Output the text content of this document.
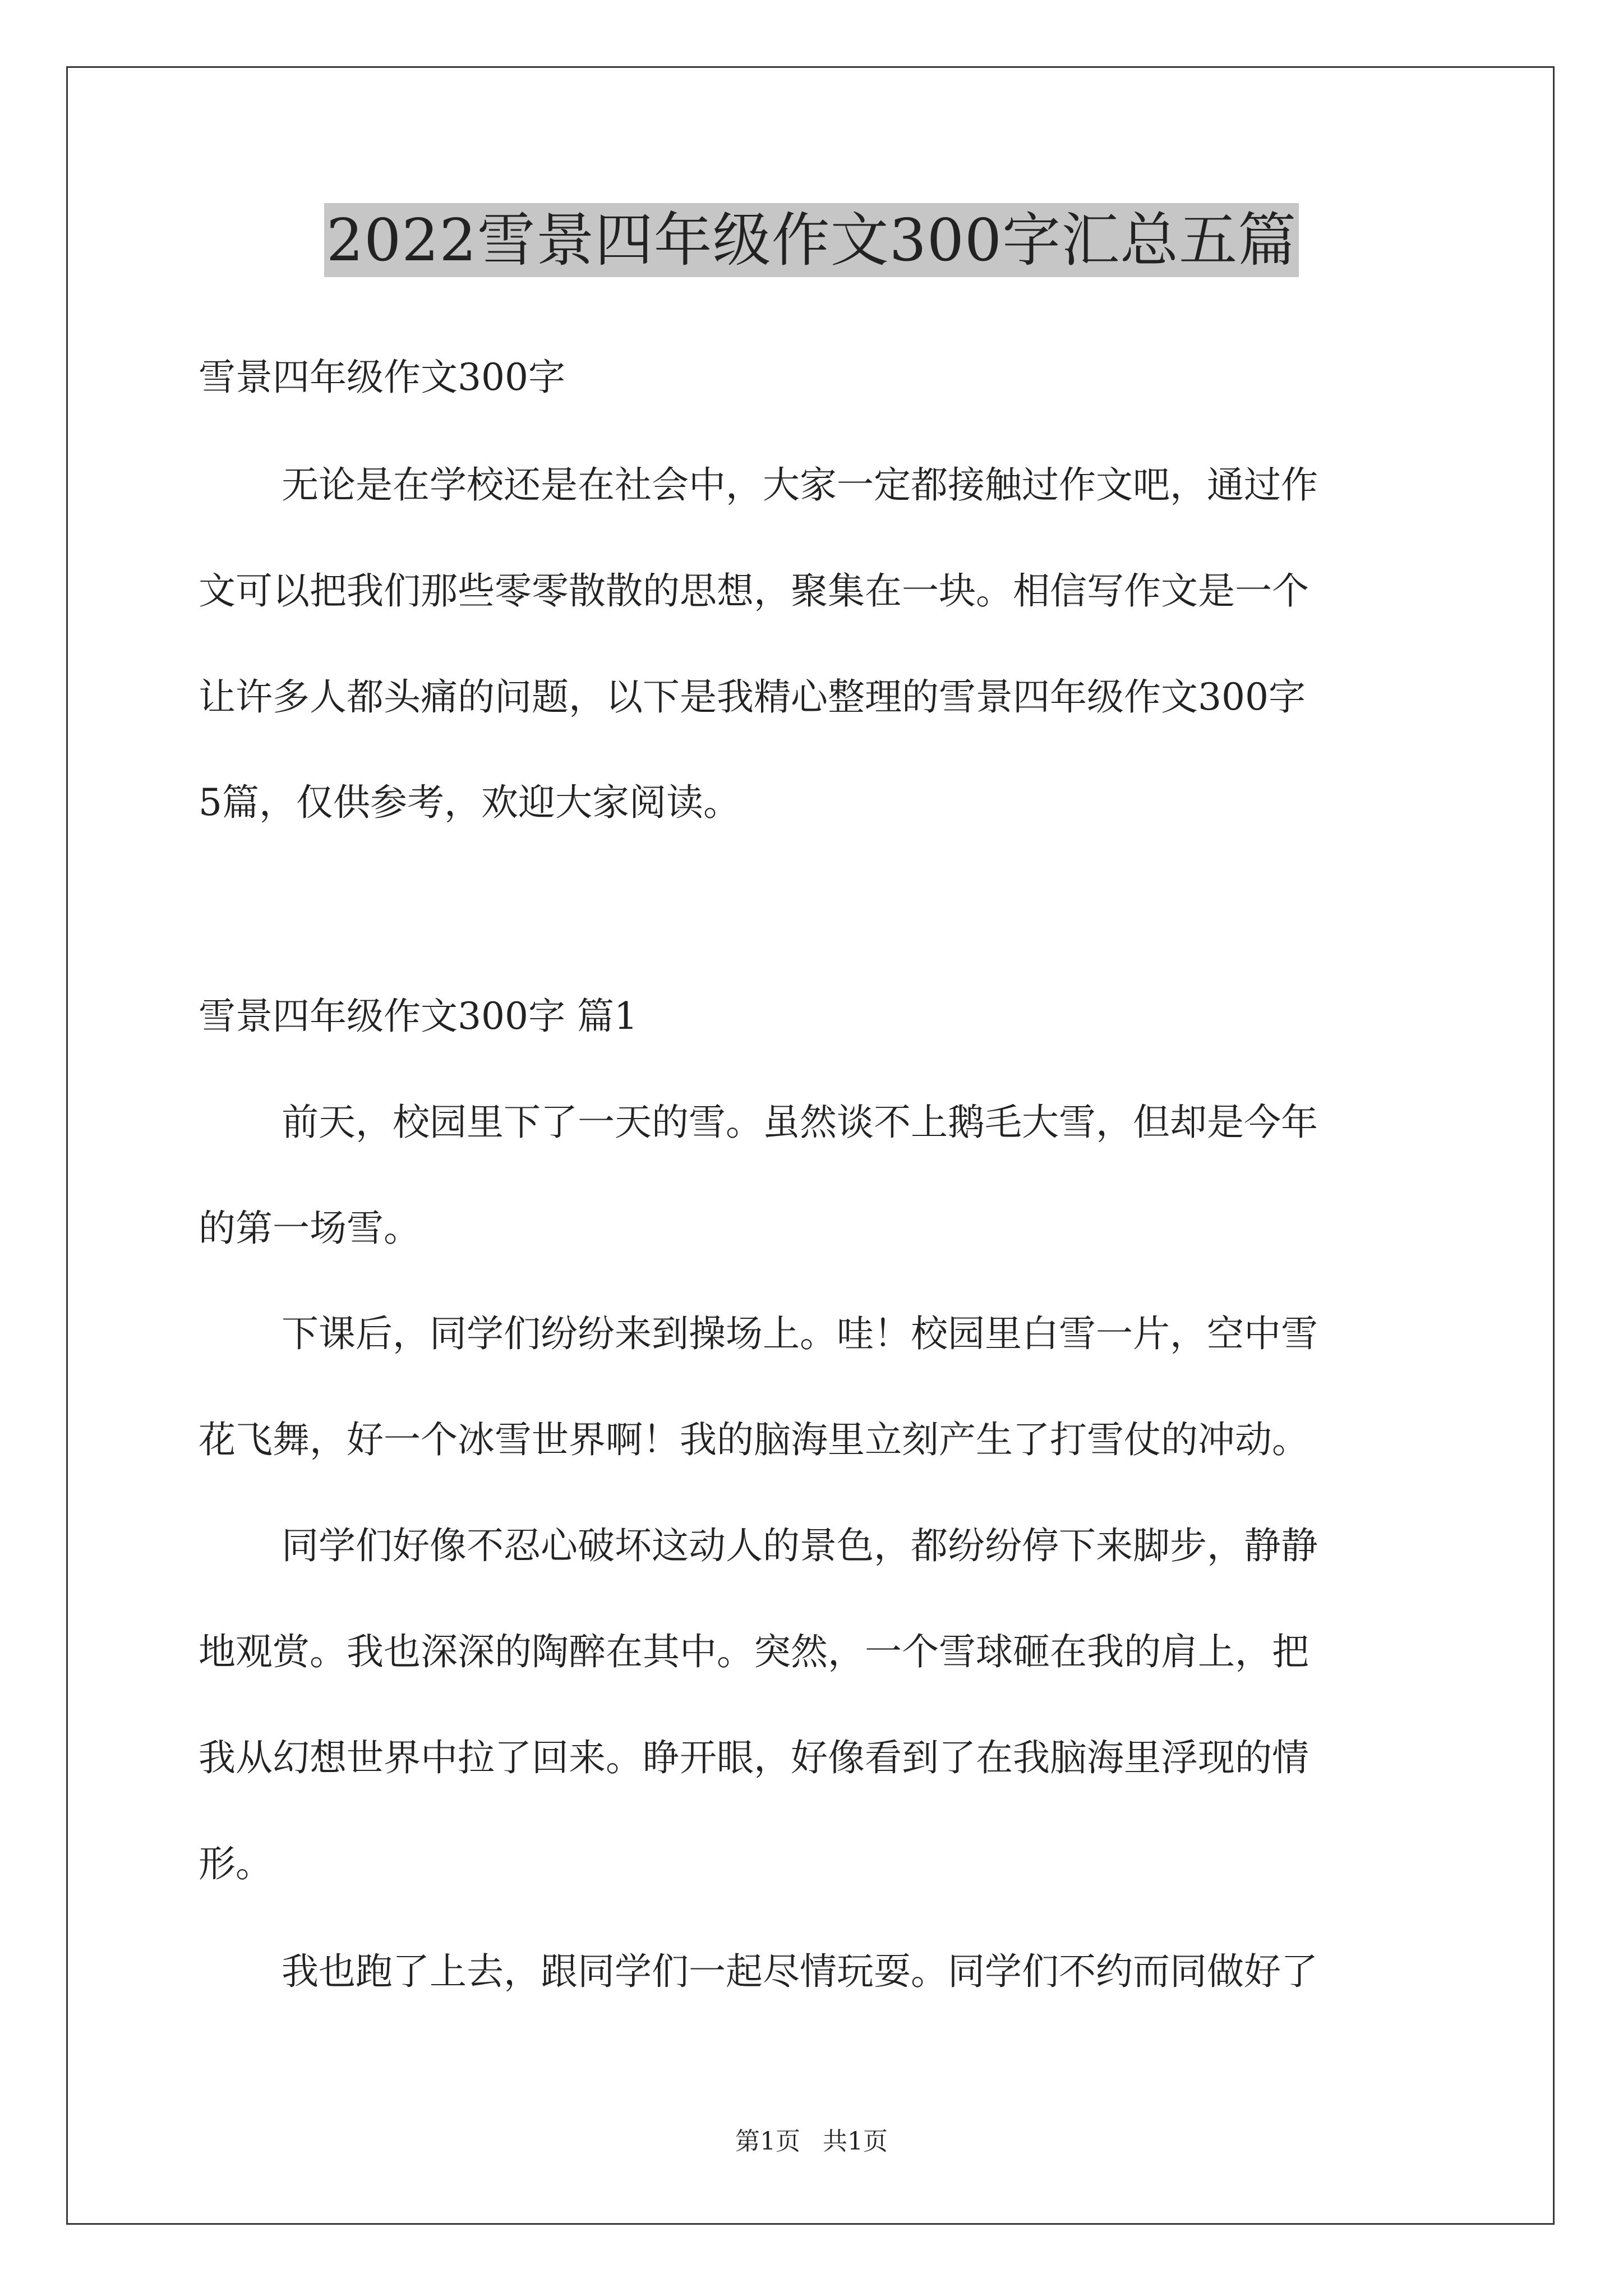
2022雪景四年级作文300字汇总五篇

雪景四年级作文300字

无论是在学校还是在社会中，大家一定都接触过作文吧，通过作

文可以把我们那些零零散散的思想，聚集在一块。相信写作文是一个

让许多人都头痛的问题，以下是我精心整理的雪景四年级作文300字

5篇，仅供参考，欢迎大家阅读。

雪景四年级作文300字 篇1

前天，校园里下了一天的雪。虽然谈不上鹅毛大雪，但却是今年

的第一场雪。

下课后，同学们纷纷来到操场上。哇！校园里白雪一片，空中雪

花飞舞，好一个冰雪世界啊！我的脑海里立刻产生了打雪仗的冲动。

同学们好像不忍心破坏这动人的景色，都纷纷停下来脚步，静静

地观赏。我也深深的陶醉在其中。突然，一个雪球砸在我的肩上，把

我从幻想世界中拉了回来。睁开眼，好像看到了在我脑海里浮现的情

形。

我也跑了上去，跟同学们一起尽情玩耍。同学们不约而同做好了

第1页 共1页
